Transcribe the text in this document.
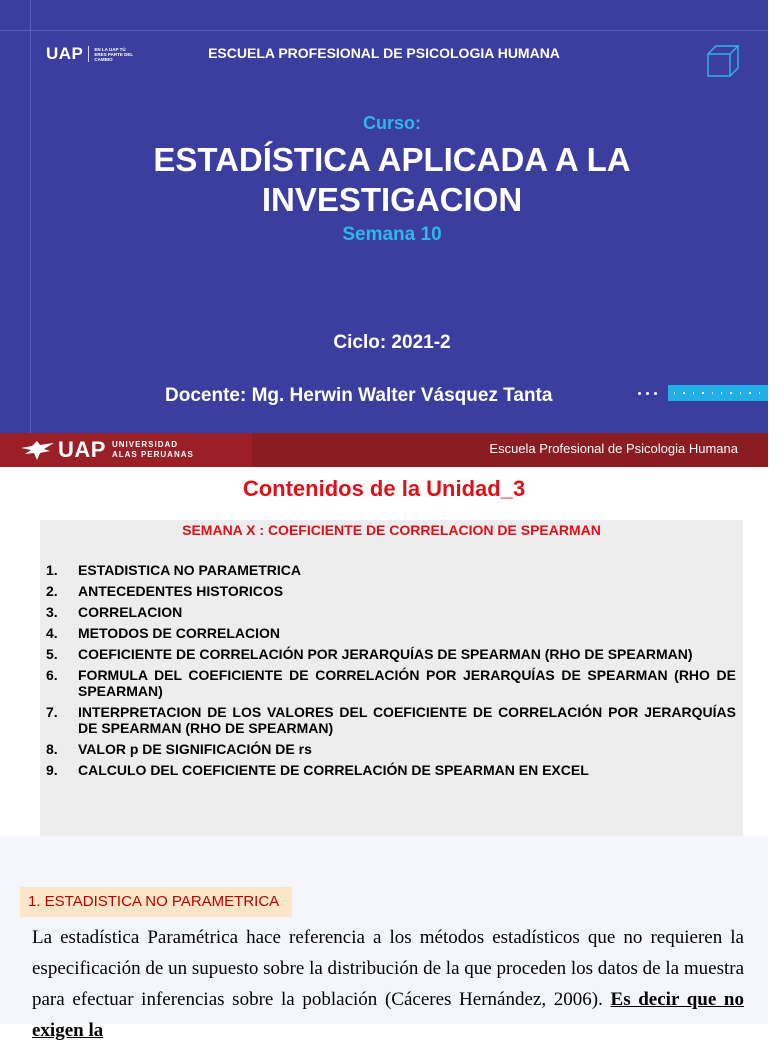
UAP EN LA UAP TÚ ERES PARTE DEL CAMBIO	ESCUELA PROFESIONAL DE PSICOLOGIA HUMANA
Curso:
ESTADÍSTICA APLICADA A LA
INVESTIGACION
Semana 10
Ciclo: 2021-2
Docente: Mg. Herwin Walter Vásquez Tanta
UAP UNIVERSIDAD
ALAS PERUANAS	Escuela Profesional de Psicologia Humana
Contenidos de la Unidad_3
SEMANA X : COEFICIENTE DE CORRELACION DE SPEARMAN
1.	ESTADISTICA NO PARAMETRICA
2.	ANTECEDENTES HISTORICOS
3.	CORRELACION
4.	METODOS DE CORRELACION
5.	COEFICIENTE DE CORRELACIÓN POR JERARQUÍAS DE SPEARMAN (RHO DE SPEARMAN)
6.	FORMULA DEL COEFICIENTE DE CORRELACIÓN POR JERARQUÍAS DE SPEARMAN (RHO DE SPEARMAN)
7.	INTERPRETACION DE LOS VALORES DEL COEFICIENTE DE CORRELACIÓN POR JERARQUÍAS DE SPEARMAN (RHO DE SPEARMAN)
8.	VALOR p DE SIGNIFICACIÓN DE rs
9.	CALCULO DEL COEFICIENTE DE CORRELACIÓN DE SPEARMAN EN EXCEL
1. ESTADISTICA NO PARAMETRICA

La estadística Paramétrica hace referencia a los métodos estadísticos que no requieren la especificación de un supuesto sobre la distribución de la que proceden los datos de la muestra para efectuar inferencias sobre la población (Cáceres Hernández, 2006). Es decir que no exigen la
